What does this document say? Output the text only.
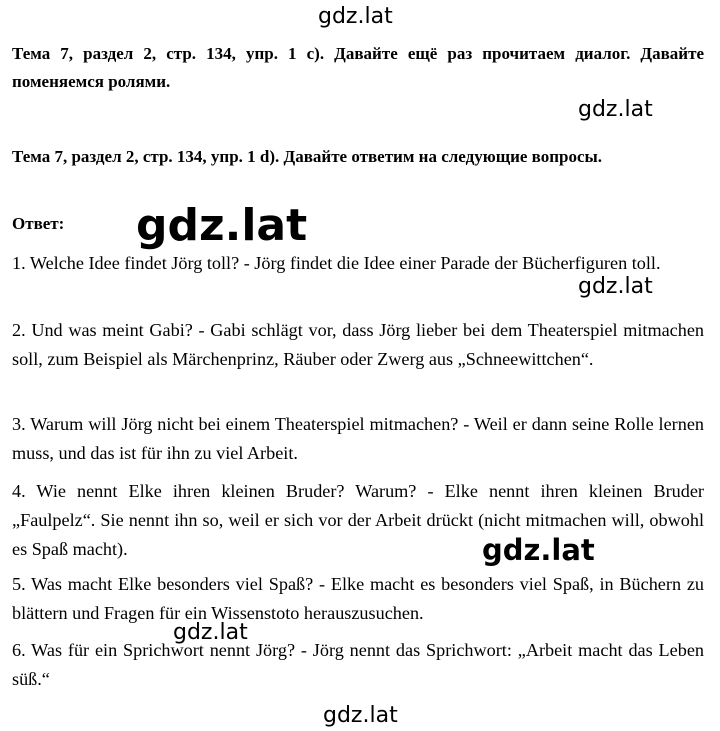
gdz.lat

Тема 7, раздел 2, стр. 134, упр. 1 c). Давайте ещё раз прочитаем диалог. Давайте поменяемся ролями.

gdz.lat

Тема 7, раздел 2, стр. 134, упр. 1 d). Давайте ответим на следующие вопросы.

Ответ: gdz.lat

1. Welche Idee findet Jörg toll? - Jörg findet die Idee einer Parade der Bücherfiguren toll.

gdz.lat

2. Und was meint Gabi? - Gabi schlägt vor, dass Jörg lieber bei dem Theaterspiel mitmachen soll, zum Beispiel als Märchenprinz, Räuber oder Zwerg aus „Schneewittchen“.

3. Warum will Jörg nicht bei einem Theaterspiel mitmachen? - Weil er dann seine Rolle lernen muss, und das ist für ihn zu viel Arbeit.

4. Wie nennt Elke ihren kleinen Bruder? Warum? - Elke nennt ihren kleinen Bruder „Faulpelz“. Sie nennt ihn so, weil er sich vor der Arbeit drückt (nicht mitmachen will, obwohl es Spaß macht).	gdz.lat

5. Was macht Elke besonders viel Spaß? - Elke macht es besonders viel Spaß, in Büchern zu blättern und Fragen für ein Wissenstoto herauszusuchen.

gdz.lat

6. Was für ein Sprichwort nennt Jörg? - Jörg nennt das Sprichwort: „Arbeit macht das Leben süß.“

gdz.lat
